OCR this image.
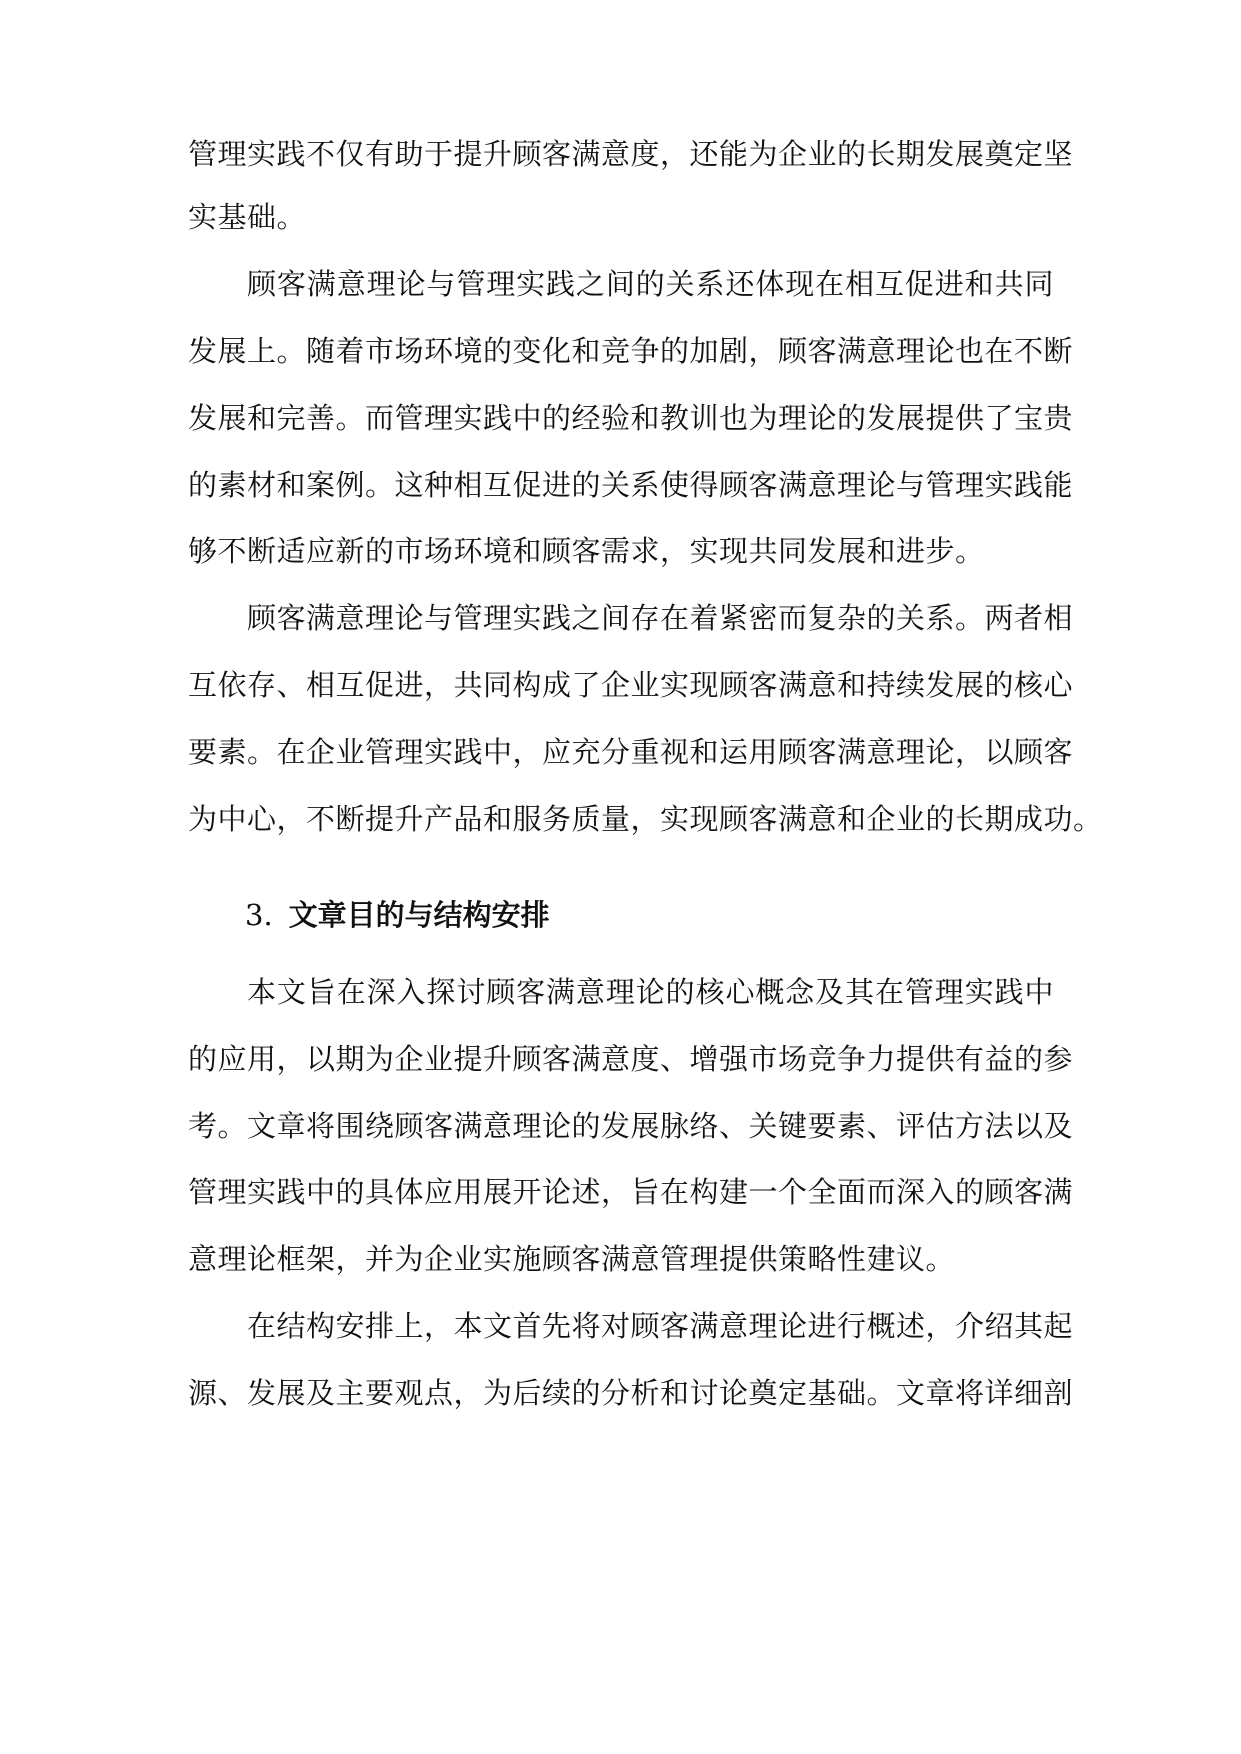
管理实践不仅有助于提升顾客满意度，还能为企业的长期发展奠定坚
实基础。
顾客满意理论与管理实践之间的关系还体现在相互促进和共同
发展上。随着市场环境的变化和竞争的加剧，顾客满意理论也在不断
发展和完善。而管理实践中的经验和教训也为理论的发展提供了宝贵
的素材和案例。这种相互促进的关系使得顾客满意理论与管理实践能
够不断适应新的市场环境和顾客需求，实现共同发展和进步。
顾客满意理论与管理实践之间存在着紧密而复杂的关系。两者相
互依存、相互促进，共同构成了企业实现顾客满意和持续发展的核心
要素。在企业管理实践中，应充分重视和运用顾客满意理论，以顾客
为中心，不断提升产品和服务质量，实现顾客满意和企业的长期成功。
3. 文章目的与结构安排
本文旨在深入探讨顾客满意理论的核心概念及其在管理实践中
的应用，以期为企业提升顾客满意度、增强市场竞争力提供有益的参
考。文章将围绕顾客满意理论的发展脉络、关键要素、评估方法以及
管理实践中的具体应用展开论述，旨在构建一个全面而深入的顾客满
意理论框架，并为企业实施顾客满意管理提供策略性建议。
在结构安排上，本文首先将对顾客满意理论进行概述，介绍其起
源、发展及主要观点，为后续的分析和讨论奠定基础。文章将详细剖
